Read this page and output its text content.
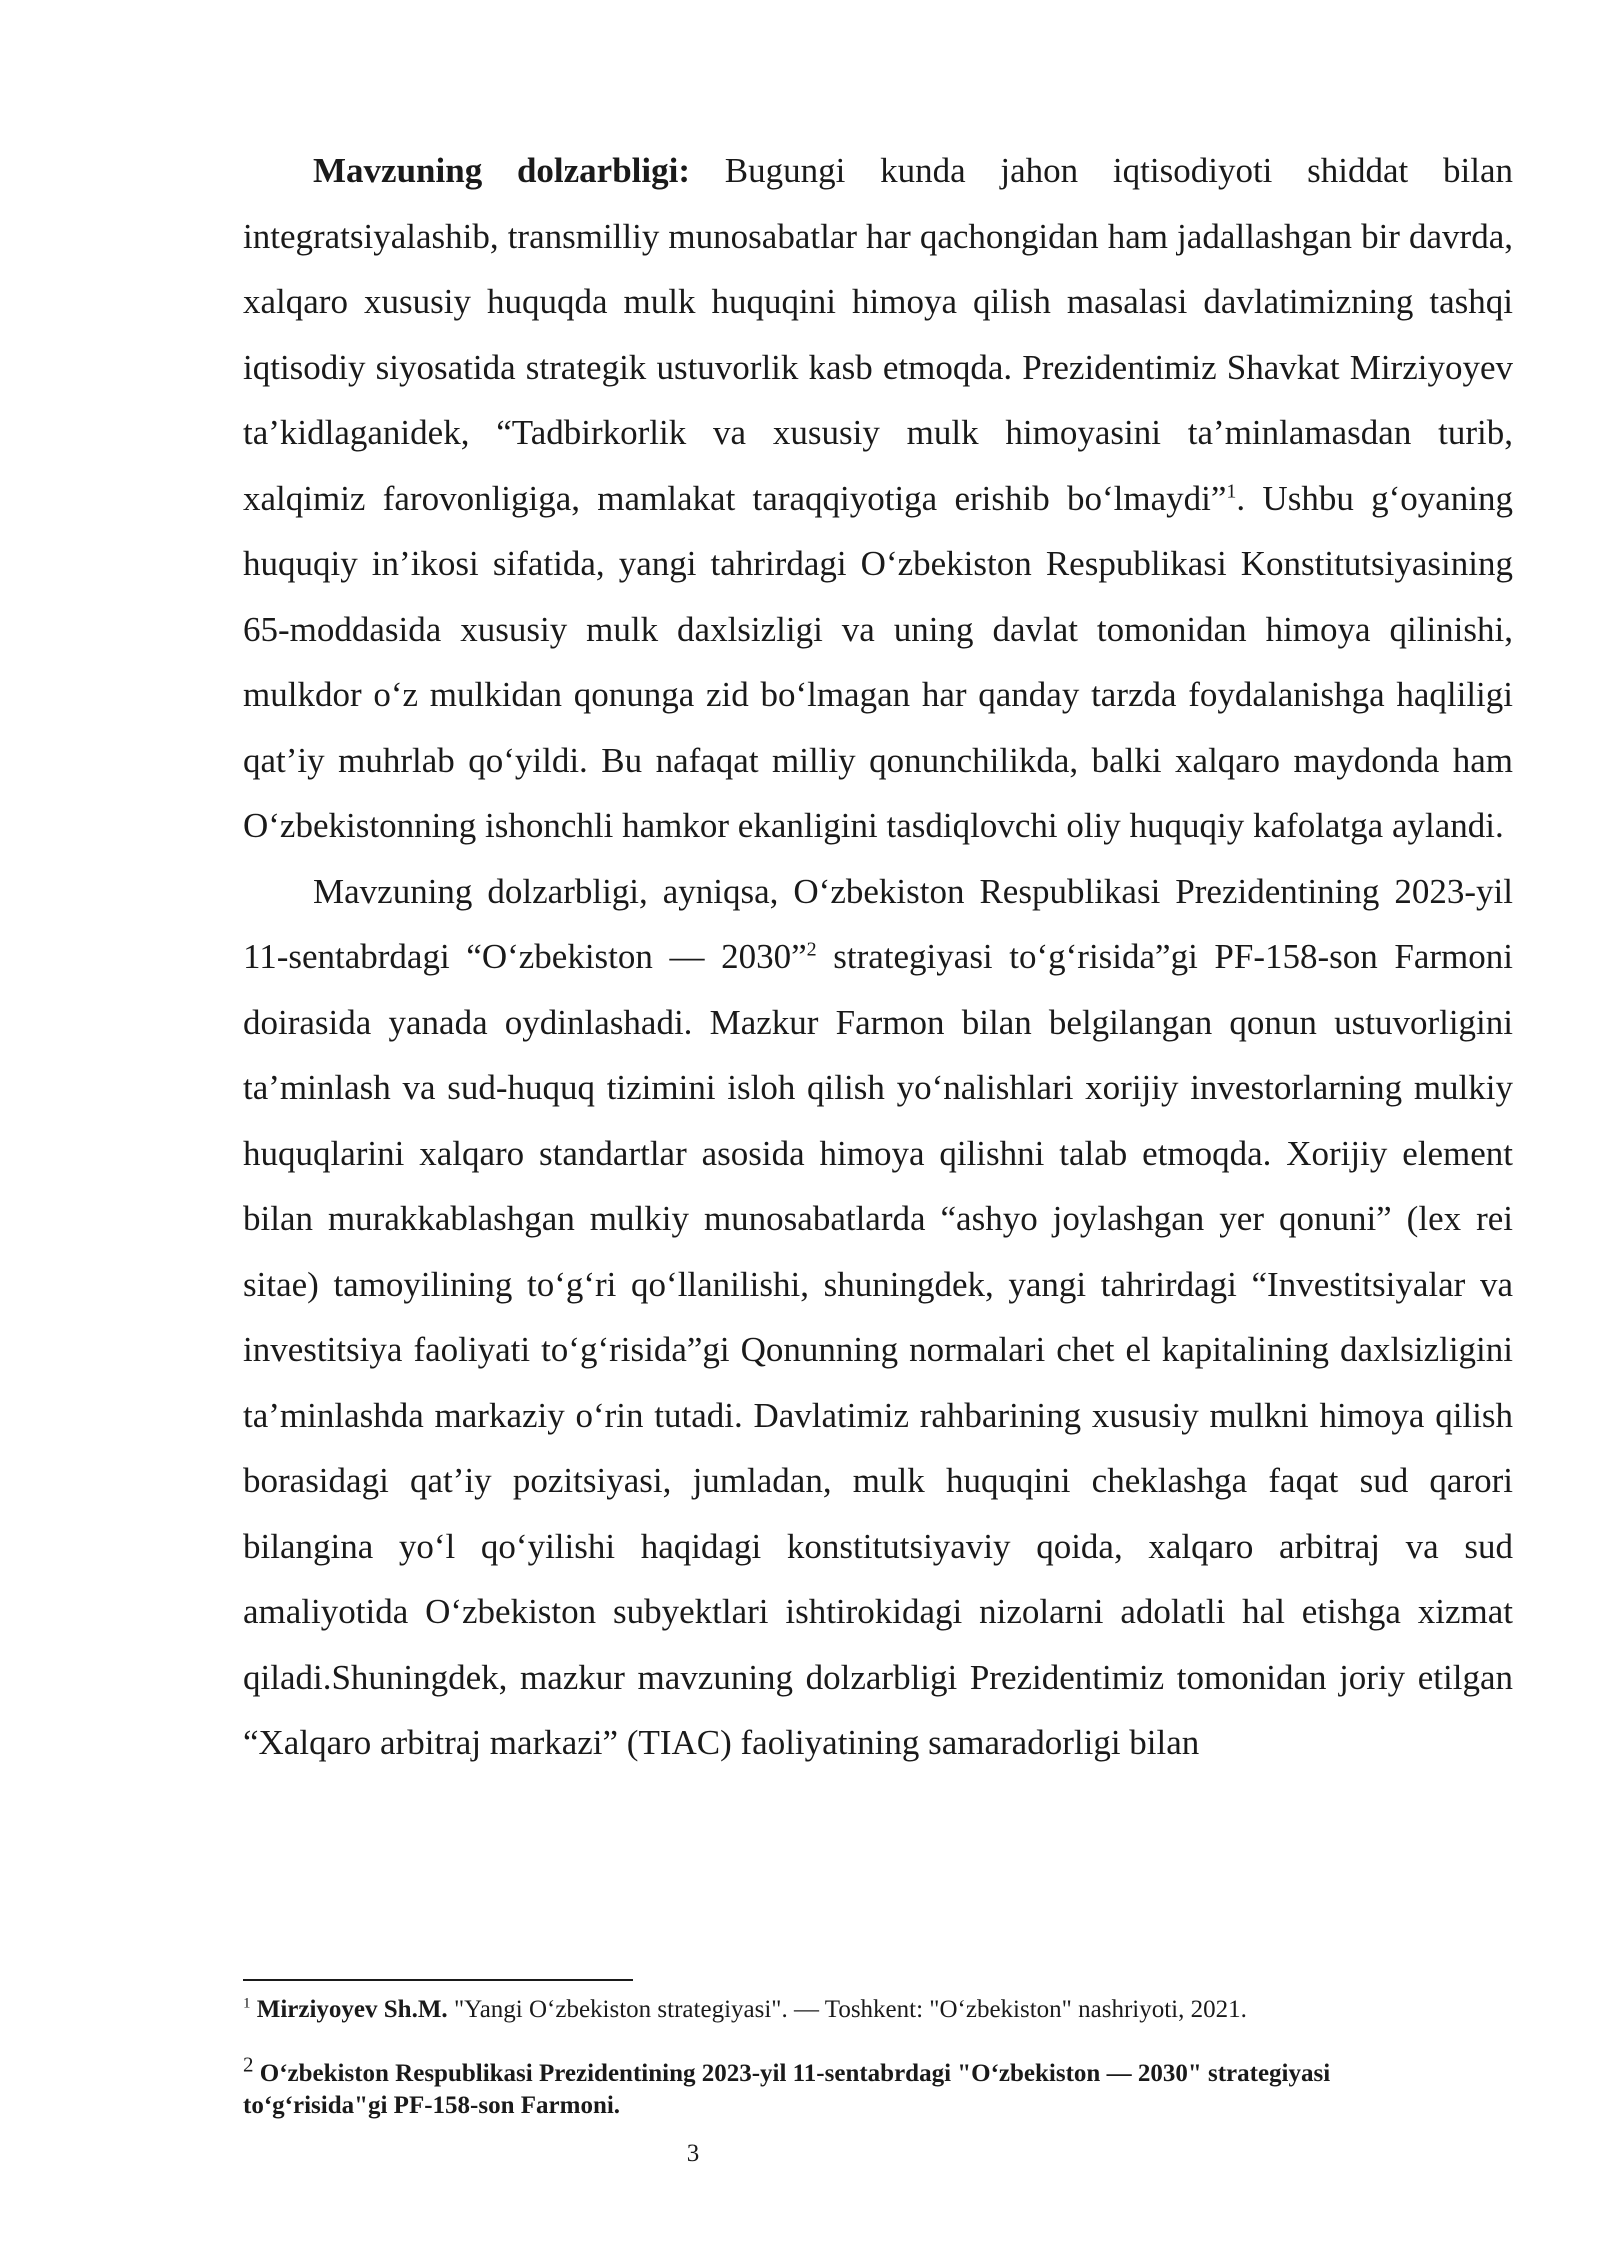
Mavzuning dolzarbligi: Bugungi kunda jahon iqtisodiyoti shiddat bilan integratsiyalashib, transmilliy munosabatlar har qachongidan ham jadallashgan bir davrda, xalqaro xususiy huquqda mulk huquqini himoya qilish masalasi davlatimizning tashqi iqtisodiy siyosatida strategik ustuvorlik kasb etmoqda. Prezidentimiz Shavkat Mirziyoyev ta’kidlaganidek, “Tadbirkorlik va xususiy mulk himoyasini ta’minlamasdan turib, xalqimiz farovonligiga, mamlakat taraqqiyotiga erishib bo‘lmaydi”$^1$. Ushbu g‘oyaning huquqiy in’ikosi sifatida, yangi tahrirdagi O‘zbekiston Respublikasi Konstitutsiyasining 65-moddasida xususiy mulk daxlsizligi va uning davlat tomonidan himoya qilinishi, mulkdor o‘z mulkidan qonunga zid bo‘lmagan har qanday tarzda foydalanishga haqliligi qat’iy muhrlab qo‘yildi. Bu nafaqat milliy qonunchilikda, balki xalqaro maydonda ham O‘zbekistonning ishonchli hamkor ekanligini tasdiqlovchi oliy huquqiy kafolatga aylandi.

Mavzuning dolzarbligi, ayniqsa, O‘zbekiston Respublikasi Prezidentining 2023-yil 11-sentabrdagi “O‘zbekiston — 2030”$^2$ strategiyasi to‘g‘risida”gi PF-158-son Farmoni doirasida yanada oydinlashadi. Mazkur Farmon bilan belgilangan qonun ustuvorligini ta’minlash va sud-huquq tizimini isloh qilish yo‘nalishlari xorijiy investorlarning mulkiy huquqlarini xalqaro standartlar asosida himoya qilishni talab etmoqda. Xorijiy element bilan murakkablashgan mulkiy munosabatlarda “ashyo joylashgan yer qonuni” (lex rei sitae) tamoyilining to‘g‘ri qo‘llanilishi, shuningdek, yangi tahrirdagi “Investitsiyalar va investitsiya faoliyati to‘g‘risida”gi Qonunning normalari chet el kapitalining daxlsizligini ta’minlashda markaziy o‘rin tutadi. Davlatimiz rahbarining xususiy mulkni himoya qilish borasidagi qat’iy pozitsiyasi, jumladan, mulk huquqini cheklashga faqat sud qarori bilangina yo‘l qo‘yilishi haqidagi konstitutsiyaviy qoida, xalqaro arbitraj va sud amaliyotida O‘zbekiston subyektlari ishtirokidagi nizolarni adolatli hal etishga xizmat qiladi.Shuningdek, mazkur mavzuning dolzarbligi Prezidentimiz tomonidan joriy etilgan “Xalqaro arbitraj markazi” (TIAC) faoliyatining samaradorligi bilan

$^1$ Mirziyoyev Sh.M. "Yangi O‘zbekiston strategiyasi". — Toshkent: "O‘zbekiston" nashriyoti, 2021.

$^2$ O‘zbekiston Respublikasi Prezidentining 2023-yil 11-sentabrdagi "O‘zbekiston — 2030" strategiyasi to‘g‘risida"gi PF-158-son Farmoni.

3
